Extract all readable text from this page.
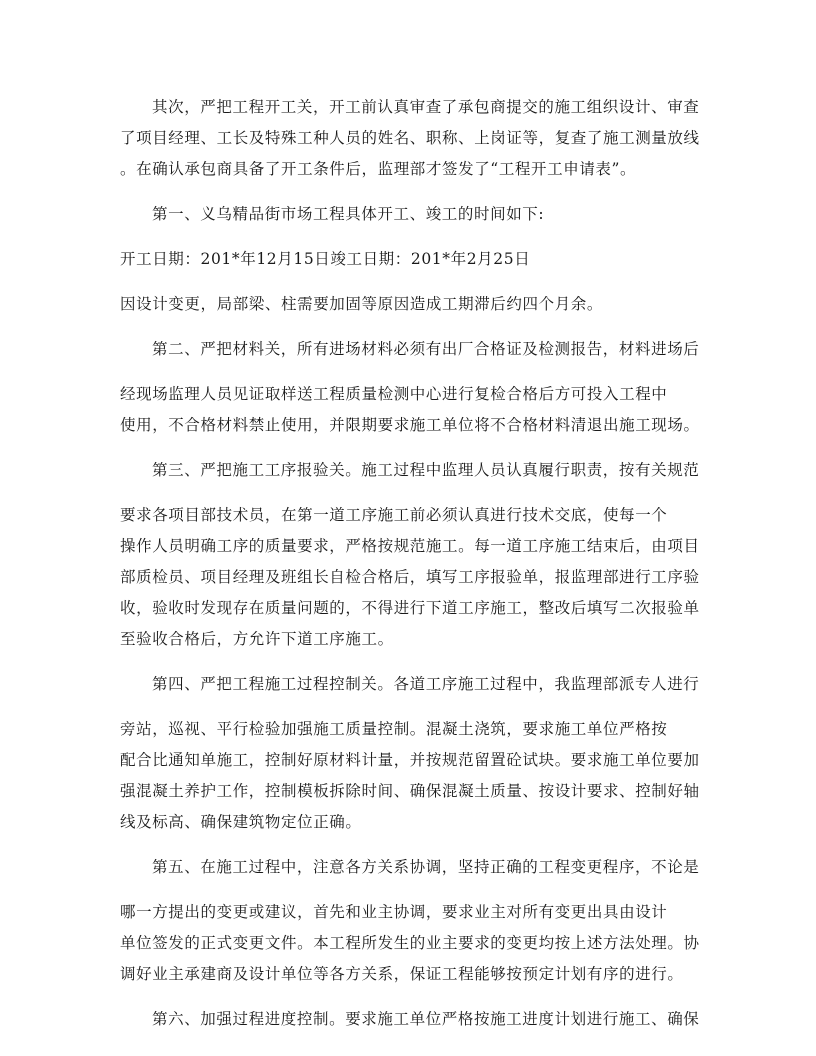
其次，严把工程开工关，开工前认真审查了承包商提交的施工组织设计、审查

了项目经理、工长及特殊工种人员的姓名、职称、上岗证等，复查了施工测量放线

。在确认承包商具备了开工条件后，监理部才签发了“工程开工申请表”。

第一、义乌精品街市场工程具体开工、竣工的时间如下:

开工日期：201*年12月15日竣工日期：201*年2月25日

因设计变更，局部梁、柱需要加固等原因造成工期滞后约四个月余。

第二、严把材料关，所有进场材料必须有出厂合格证及检测报告，材料进场后

经现场监理人员见证取样送工程质量检测中心进行复检合格后方可投入工程中

使用，不合格材料禁止使用，并限期要求施工单位将不合格材料清退出施工现场。

第三、严把施工工序报验关。施工过程中监理人员认真履行职责，按有关规范

要求各项目部技术员，在第一道工序施工前必须认真进行技术交底，使每一个

操作人员明确工序的质量要求，严格按规范施工。每一道工序施工结束后，由项目

部质检员、项目经理及班组长自检合格后，填写工序报验单，报监理部进行工序验

收，验收时发现存在质量问题的，不得进行下道工序施工，整改后填写二次报验单

至验收合格后，方允许下道工序施工。

第四、严把工程施工过程控制关。各道工序施工过程中，我监理部派专人进行

旁站，巡视、平行检验加强施工质量控制。混凝土浇筑，要求施工单位严格按

配合比通知单施工，控制好原材料计量，并按规范留置砼试块。要求施工单位要加

强混凝土养护工作，控制模板拆除时间、确保混凝土质量、按设计要求、控制好轴

线及标高、确保建筑物定位正确。

第五、在施工过程中，注意各方关系协调，坚持正确的工程变更程序，不论是

哪一方提出的变更或建议，首先和业主协调，要求业主对所有变更出具由设计

单位签发的正式变更文件。本工程所发生的业主要求的变更均按上述方法处理。协

调好业主承建商及设计单位等各方关系，保证工程能够按预定计划有序的进行。

第六、加强过程进度控制。要求施工单位严格按施工进度计划进行施工、确保
